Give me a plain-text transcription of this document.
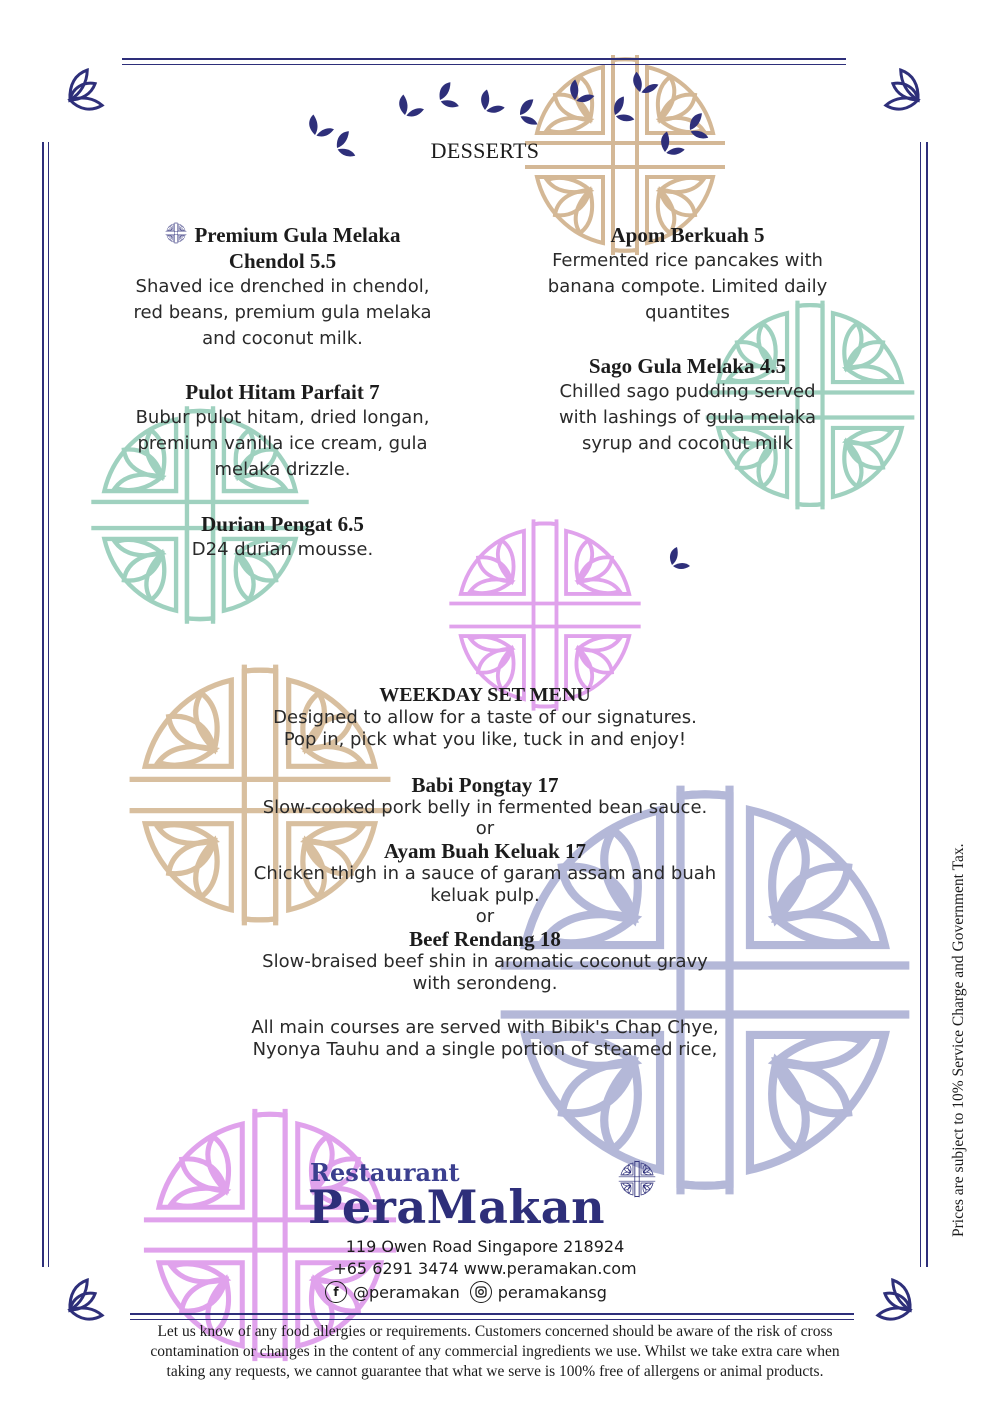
DESSERTS
Premium Gula Melaka
Chendol 5.5
Shaved ice drenched in chendol,
red beans, premium gula melaka
and coconut milk.
Pulot Hitam Parfait 7
Bubur pulot hitam, dried longan,
premium vanilla ice cream, gula
melaka drizzle.
Durian Pengat 6.5
D24 durian mousse.
Apom Berkuah 5
Fermented rice pancakes with
banana compote. Limited daily
quantites
Sago Gula Melaka 4.5
Chilled sago pudding served
with lashings of gula melaka
syrup and coconut milk
WEEKDAY SET MENU
Designed to allow for a taste of our signatures.
Pop in, pick what you like, tuck in and enjoy!
Babi Pongtay 17
Slow-cooked pork belly in fermented bean sauce.
or
Ayam Buah Keluak 17
Chicken thigh in a sauce of garam assam and buah
keluak pulp.
or
Beef Rendang 18
Slow-braised beef shin in aromatic coconut gravy
with serondeng.
All main courses are served with Bibik's Chap Chye,
Nyonya Tauhu and a single portion of steamed rice,	Prices are subject to 10% Service Charge and Government Tax.
Restaurant
PeraMakan
119 Owen Road Singapore 218924
+65 6291 3474 www.peramakan.com
f @peramakan peramakansg
Let us know of any food allergies or requirements. Customers concerned should be aware of the risk of cross
contamination or changes in the content of any commercial ingredients we use. Whilst we take extra care when
taking any requests, we cannot guarantee that what we serve is 100% free of allergens or animal products.
